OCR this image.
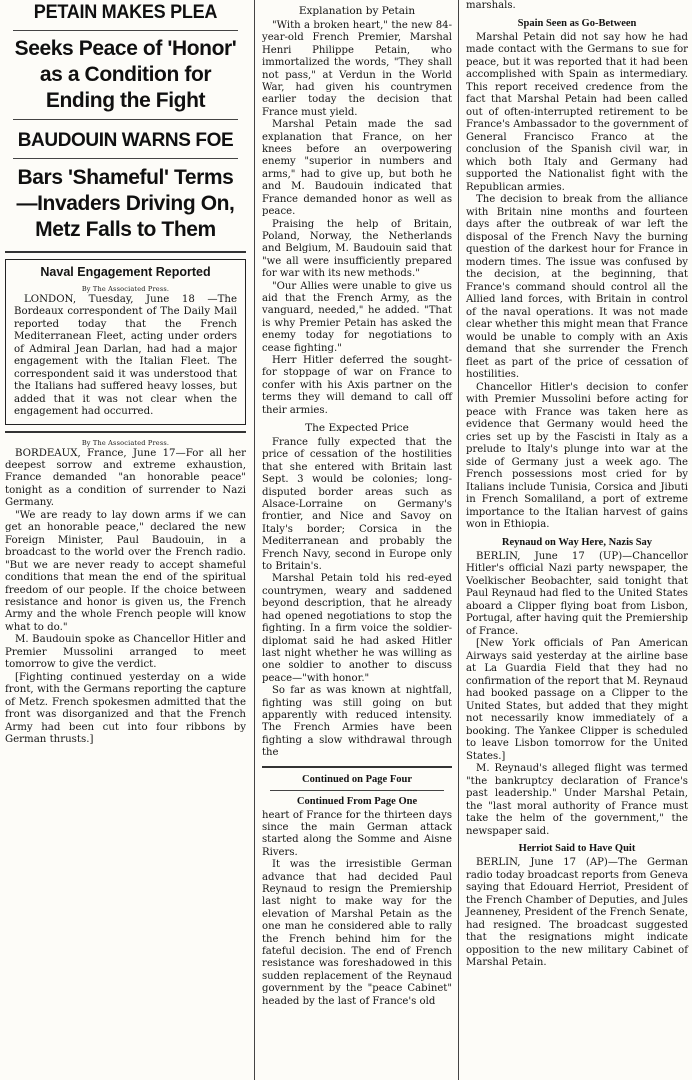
PETAIN MAKES PLEA
Seeks Peace of 'Honor' as a Condition for Ending the Fight
BAUDOUIN WARNS FOE
Bars 'Shameful' Terms —Invaders Driving On, Metz Falls to Them
Naval Engagement Reported
By The Associated Press.

LONDON, Tuesday, June 18 —The Bordeaux correspondent of The Daily Mail reported today that the French Mediterranean Fleet, acting under orders of Admiral Jean Darlan, had had a major engagement with the Italian Fleet. The correspondent said it was understood that the Italians had suffered heavy losses, but added that it was not clear when the engagement had occurred.

By The Associated Press.

BORDEAUX, France, June 17—For all her deepest sorrow and extreme exhaustion, France demanded "an honorable peace" tonight as a condition of surrender to Nazi Germany.

"We are ready to lay down arms if we can get an honorable peace," declared the new Foreign Minister, Paul Baudouin, in a broadcast to the world over the French radio. "But we are never ready to accept shameful conditions that mean the end of the spiritual freedom of our people. If the choice between resistance and honor is given us, the French Army and the whole French people will know what to do."

M. Baudouin spoke as Chancellor Hitler and Premier Mussolini arranged to meet tomorrow to give the verdict.

[Fighting continued yesterday on a wide front, with the Germans reporting the capture of Metz. French spokesmen admitted that the front was disorganized and that the French Army had been cut into four ribbons by German thrusts.]

Explanation by Petain

"With a broken heart," the new 84-year-old French Premier, Marshal Henri Philippe Petain, who immortalized the words, "They shall not pass," at Verdun in the World War, had given his countrymen earlier today the decision that France must yield.

Marshal Petain made the sad explanation that France, on her knees before an overpowering enemy "superior in numbers and arms," had to give up, but both he and M. Baudouin indicated that France demanded honor as well as peace.

Praising the help of Britain, Poland, Norway, the Netherlands and Belgium, M. Baudouin said that "we all were insufficiently prepared for war with its new methods."

"Our Allies were unable to give us aid that the French Army, as the vanguard, needed," he added. "That is why Premier Petain has asked the enemy today for negotiations to cease fighting."

Herr Hitler deferred the sought-for stoppage of war on France to confer with his Axis partner on the terms they will demand to call off their armies.

The Expected Price

France fully expected that the price of cessation of the hostilities that she entered with Britain last Sept. 3 would be colonies; long-disputed border areas such as Alsace-Lorraine on Germany's frontier, and Nice and Savoy on Italy's border; Corsica in the Mediterranean and probably the French Navy, second in Europe only to Britain's.

Marshal Petain told his red-eyed countrymen, weary and saddened beyond description, that he already had opened negotiations to stop the fighting. In a firm voice the soldier-diplomat said he had asked Hitler last night whether he was willing as one soldier to another to discuss peace—"with honor."

So far as was known at nightfall, fighting was still going on but apparently with reduced intensity. The French Armies have been fighting a slow withdrawal through the

Continued on Page Four
Continued From Page One

heart of France for the thirteen days since the main German attack started along the Somme and Aisne Rivers.

It was the irresistible German advance that had decided Paul Reynaud to resign the Premiership last night to make way for the elevation of Marshal Petain as the one man he considered able to rally the French behind him for the fateful decision. The end of French resistance was foreshadowed in this sudden replacement of the Reynaud government by the "peace Cabinet" headed by the last of France's old

marshals.

Spain Seen as Go-Between

Marshal Petain did not say how he had made contact with the Germans to sue for peace, but it was reported that it had been accomplished with Spain as intermediary. This report received credence from the fact that Marshal Petain had been called out of often-interrupted retirement to be France's Ambassador to the government of General Francisco Franco at the conclusion of the Spanish civil war, in which both Italy and Germany had supported the Nationalist fight with the Republican armies.

The decision to break from the alliance with Britain nine months and fourteen days after the outbreak of war left the disposal of the French Navy the burning question of the darkest hour for France in modern times. The issue was confused by the decision, at the beginning, that France's command should control all the Allied land forces, with Britain in control of the naval operations. It was not made clear whether this might mean that France would be unable to comply with an Axis demand that she surrender the French fleet as part of the price of cessation of hostilities.

Chancellor Hitler's decision to confer with Premier Mussolini before acting for peace with France was taken here as evidence that Germany would heed the cries set up by the Fascisti in Italy as a prelude to Italy's plunge into war at the side of Germany just a week ago. The French possessions most cried for by Italians include Tunisia, Corsica and Jibuti in French Somaliland, a port of extreme importance to the Italian harvest of gains won in Ethiopia.

Reynaud on Way Here, Nazis Say

BERLIN, June 17 (UP)—Chancellor Hitler's official Nazi party newspaper, the Voelkischer Beobachter, said tonight that Paul Reynaud had fled to the United States aboard a Clipper flying boat from Lisbon, Portugal, after having quit the Premiership of France.

[New York officials of Pan American Airways said yesterday at the airline base at La Guardia Field that they had no confirmation of the report that M. Reynaud had booked passage on a Clipper to the United States, but added that they might not necessarily know immediately of a booking. The Yankee Clipper is scheduled to leave Lisbon tomorrow for the United States.]

M. Reynaud's alleged flight was termed "the bankruptcy declaration of France's past leadership." Under Marshal Petain, the "last moral authority of France must take the helm of the government," the newspaper said.

Herriot Said to Have Quit

BERLIN, June 17 (AP)—The German radio today broadcast reports from Geneva saying that Edouard Herriot, President of the French Chamber of Deputies, and Jules Jeanneney, President of the French Senate, had resigned. The broadcast suggested that the resignations might indicate opposition to the new military Cabinet of Marshal Petain.
